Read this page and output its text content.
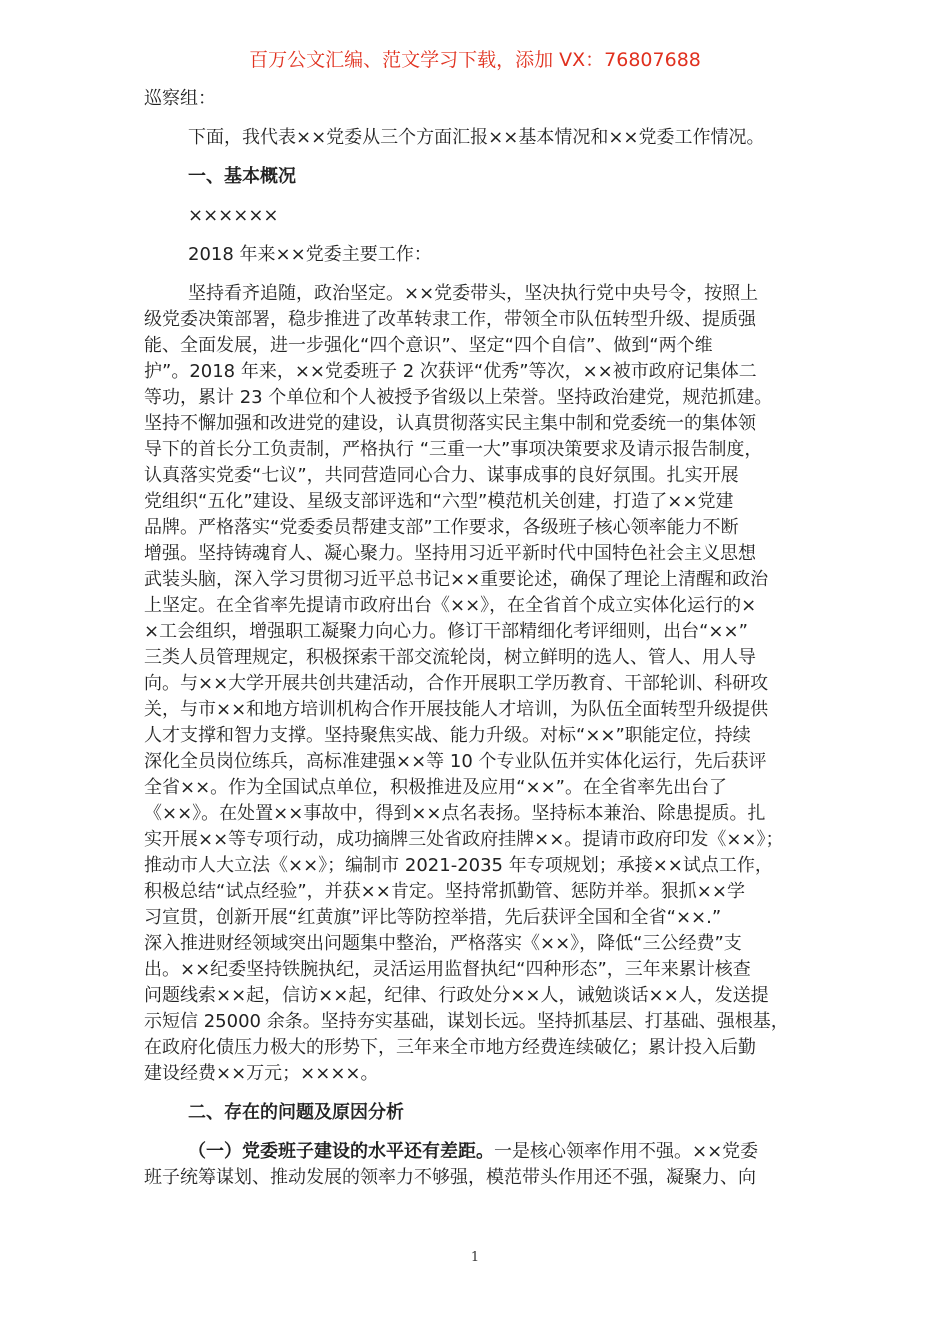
百万公文汇编、范文学习下载，添加 VX：76807688
巡察组：
下面，我代表××党委从三个方面汇报××基本情况和××党委工作情况。
一、基本概况
××××××
2018 年来××党委主要工作：
坚持看齐追随，政治坚定。××党委带头，坚决执行党中央号令，按照上
级党委决策部署，稳步推进了改革转隶工作，带领全市队伍转型升级、提质强
能、全面发展，进一步强化“四个意识”、坚定“四个自信”、做到“两个维
护”。2018 年来，××党委班子 2 次获评“优秀”等次，××被市政府记集体二
等功，累计 23 个单位和个人被授予省级以上荣誉。坚持政治建党，规范抓建。
坚持不懈加强和改进党的建设，认真贯彻落实民主集中制和党委统一的集体领
导下的首长分工负责制，严格执行 “三重一大”事项决策要求及请示报告制度，
认真落实党委“七议”，共同营造同心合力、谋事成事的良好氛围。扎实开展
党组织“五化”建设、星级支部评选和“六型”模范机关创建，打造了××党建
品牌。严格落实“党委委员帮建支部”工作要求，各级班子核心领率能力不断
增强。坚持铸魂育人、凝心聚力。坚持用习近平新时代中国特色社会主义思想
武装头脑，深入学习贯彻习近平总书记××重要论述，确保了理论上清醒和政治
上坚定。在全省率先提请市政府出台《××》，在全省首个成立实体化运行的×
×工会组织，增强职工凝聚力向心力。修订干部精细化考评细则，出台“××”
三类人员管理规定，积极探索干部交流轮岗，树立鲜明的选人、管人、用人导
向。与××大学开展共创共建活动，合作开展职工学历教育、干部轮训、科研攻
关，与市××和地方培训机构合作开展技能人才培训，为队伍全面转型升级提供
人才支撑和智力支撑。坚持聚焦实战、能力升级。对标“××”职能定位，持续
深化全员岗位练兵，高标准建强××等 10 个专业队伍并实体化运行，先后获评
全省××。作为全国试点单位，积极推进及应用“××”。在全省率先出台了
《××》。在处置××事故中，得到××点名表扬。坚持标本兼治、除患提质。扎
实开展××等专项行动，成功摘牌三处省政府挂牌××。提请市政府印发《××》；
推动市人大立法《××》；编制市 2021-2035 年专项规划；承接××试点工作，
积极总结“试点经验”，并获××肯定。坚持常抓勤管、惩防并举。狠抓××学
习宣贯，创新开展“红黄旗”评比等防控举措，先后获评全国和全省“××.”
深入推进财经领域突出问题集中整治，严格落实《××》，降低“三公经费”支
出。××纪委坚持铁腕执纪，灵活运用监督执纪“四种形态”，三年来累计核查
问题线索××起，信访××起，纪律、行政处分××人，诫勉谈话××人，发送提
示短信 25000 余条。坚持夯实基础，谋划长远。坚持抓基层、打基础、强根基，
在政府化债压力极大的形势下，三年来全市地方经费连续破亿；累计投入后勤
建设经费××万元；××××。
二、存在的问题及原因分析
（一）党委班子建设的水平还有差距。一是核心领率作用不强。××党委
班子统筹谋划、推动发展的领率力不够强，模范带头作用还不强，凝聚力、向
1
